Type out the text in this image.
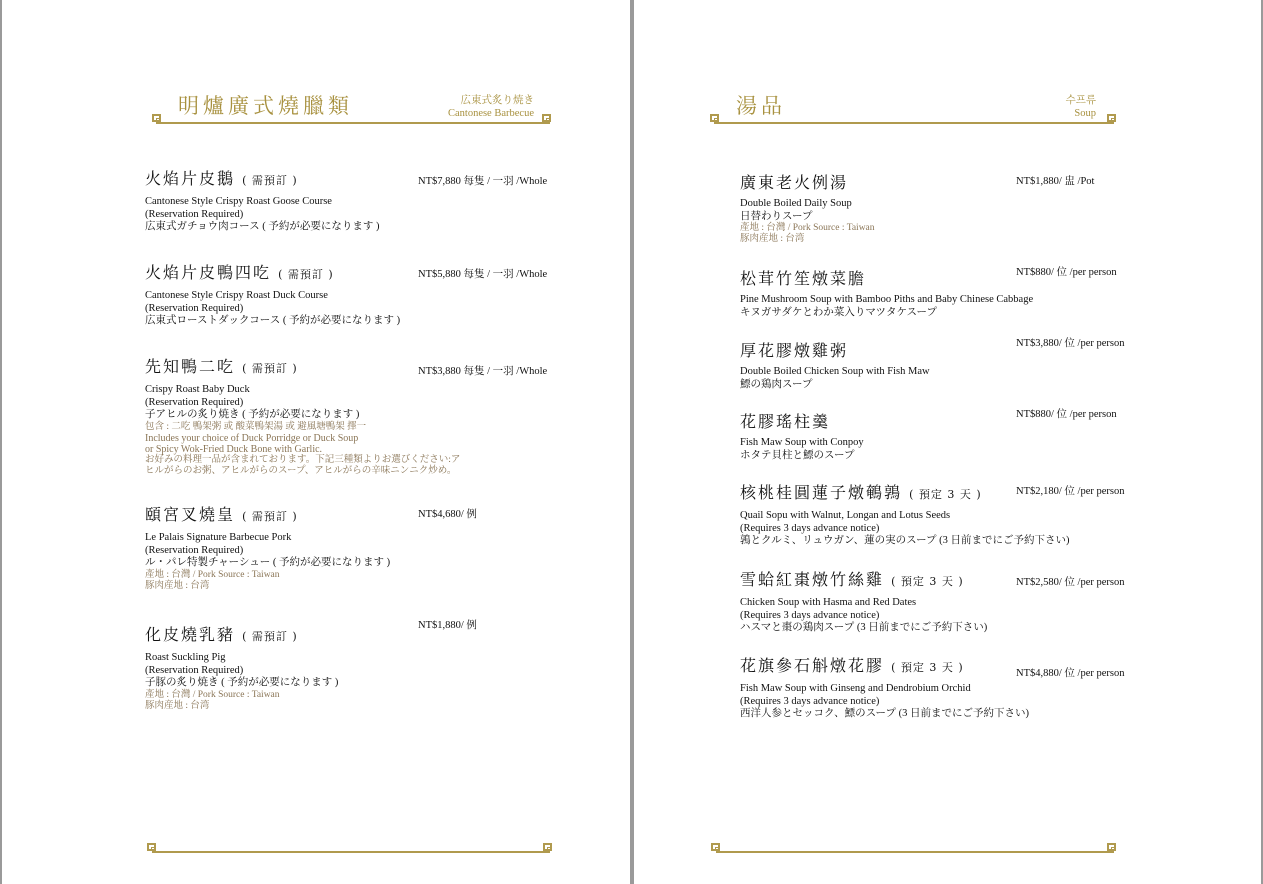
明爐廣式燒臘類	広東式炙り焼き
Cantonese Barbecue
火焰片皮鵝 ( 需預訂 )
Cantonese Style Crispy Roast Goose Course
(Reservation Required)
広東式ガチョウ肉コース ( 予約が必要になります )
NT$7,880 每隻 / 一羽 /Whole
火焰片皮鴨四吃 ( 需預訂 )
Cantonese Style Crispy Roast Duck Course
(Reservation Required)
広東式ローストダックコース ( 予約が必要になります )
NT$5,880 每隻 / 一羽 /Whole
先知鴨二吃 ( 需預訂 )
Crispy Roast Baby Duck
(Reservation Required)
子アヒルの炙り焼き ( 予約が必要になります )
包含 : 二吃 鴨架粥 或 酸菜鴨架湯 或 避風塘鴨架 擇一
Includes your choice of Duck Porridge or Duck Soup
or Spicy Wok-Fried Duck Bone with Garlic.
お好みの料理一品が含まれております。下記三種類よりお選びください:ア
ヒルがらのお粥、アヒルがらのスープ、アヒルがらの辛味ニンニク炒め。
NT$3,880 每隻 / 一羽 /Whole
頤宮叉燒皇 ( 需預訂 )
Le Palais Signature Barbecue Pork
(Reservation Required)
ル・パレ特製チャーシュー ( 予約が必要になります )
產地 : 台灣 / Pork Source : Taiwan
豚肉産地 : 台湾
NT$4,680/ 例
化皮燒乳豬 ( 需預訂 )
Roast Suckling Pig
(Reservation Required)
子豚の炙り焼き ( 予約が必要になります )
產地 : 台灣 / Pork Source : Taiwan
豚肉産地 : 台湾
NT$1,880/ 例
湯品	수프류
Soup
廣東老火例湯
Double Boiled Daily Soup
日替わりスープ
產地 : 台灣 / Pork Source : Taiwan
豚肉産地 : 台湾
NT$1,880/ 盅 /Pot
松茸竹笙燉菜膽
Pine Mushroom Soup with Bamboo Piths and Baby Chinese Cabbage
キヌガサダケとわか菜入りマツタケスープ
NT$880/ 位 /per person
厚花膠燉雞粥
Double Boiled Chicken Soup with Fish Maw
鰾の鶏肉スープ
NT$3,880/ 位 /per person
花膠瑤柱羹
Fish Maw Soup with Conpoy
ホタテ貝柱と鰾のスープ
NT$880/ 位 /per person
核桃桂圓蓮子燉鵪鶉 ( 預定 3 天 )
Quail Sopu with Walnut, Longan and Lotus Seeds
(Requires 3 days advance notice)
鶉とクルミ、リュウガン、蓮の実のスープ (3 日前までにご予約下さい)
NT$2,180/ 位 /per person
雪蛤紅棗燉竹絲雞 ( 預定 3 天 )
Chicken Soup with Hasma and Red Dates
(Requires 3 days advance notice)
ハスマと棗の鶏肉スープ (3 日前までにご予約下さい)
NT$2,580/ 位 /per person
花旗參石斛燉花膠 ( 預定 3 天 )
Fish Maw Soup with Ginseng and Dendrobium Orchid
(Requires 3 days advance notice)
西洋人参とセッコク、鰾のスープ (3 日前までにご予約下さい)
NT$4,880/ 位 /per person
